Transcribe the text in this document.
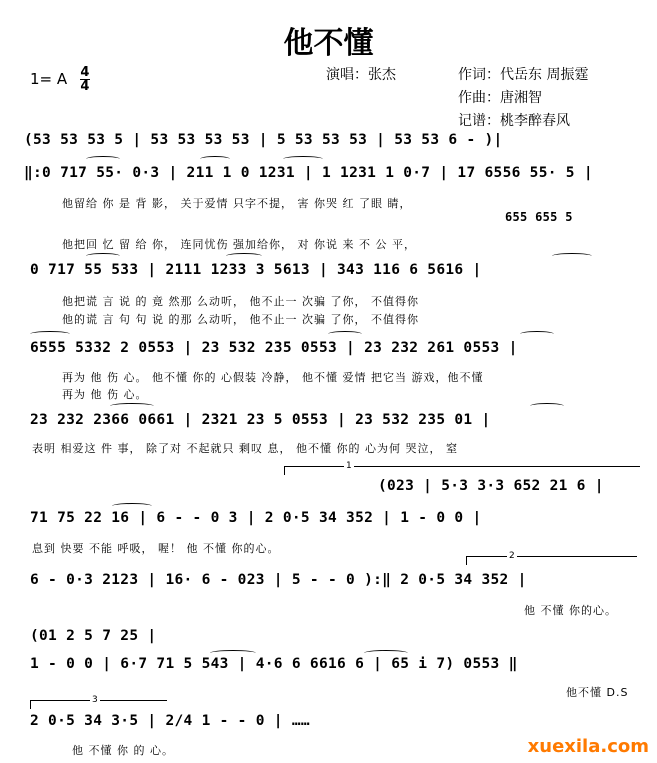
他不懂
1= A $\frac{4}{4}$	演唱：张杰	作词：代岳东 周振霆
作曲：唐湘智
记谱：桃李醉春风
(53 53 53 5 | 53 53 53 53 | 5 53 53 53 | 53 53 6 - )|
‖:0 717 55· 0·3 | 211 1 0 1231 | 1 1231 1 0·7 | 17 6556 55· 5 |
他留给 你 是 背 影， 关于爱情 只字不提， 害 你哭 红 了眼 睛，
655 655 5
他把回 忆 留 给 你， 连同忧伤 强加给你， 对 你说 来 不 公 平，
0 717 55 533 | 2111 1233 3 5613 | 343 116 6 5616 |
他把谎 言 说 的 竟 然那 么动听， 他不止一 次骗 了你， 不值得你
他的谎 言 句 句 说 的那 么动听， 他不止一 次骗 了你， 不值得你
6555 5332 2 0553 | 23 532 235 0553 | 23 232 261 0553 |
再为 他 伤 心。 他不懂 你的 心假装 冷静， 他不懂 爱情 把它当 游戏，他不懂
再为 他 伤 心。
23 232 2366 0661 | 2321 23 5 0553 | 23 532 235 01 |
表明 相爱这 件 事， 除了对 不起就只 剩叹 息， 他不懂 你的 心为何 哭泣， 窒
1
(023 | 5·3 3·3 652 21 6 |
71 75 22 16 | 6 - - 0 3 | 2 0·5 34 352 | 1 - 0 0 |
息到 快要 不能 呼吸， 喔！ 他 不懂 你的心。
2
6 - 0·3 2123 | 16· 6 - 023 | 5 - - 0 ):‖ 2 0·5 34 352 |
他 不懂 你的心。
(01 2 5 7 25 |
1 - 0 0 | 6·7 71 5 543 | 4·6 6 6616 6 | 65 i 7) 0553 ‖
他不懂 D.S
3
2 0·5 34 3·5 | 2/4 1 - - 0 | ……
他 不懂 你 的 心。	xuexila.com
